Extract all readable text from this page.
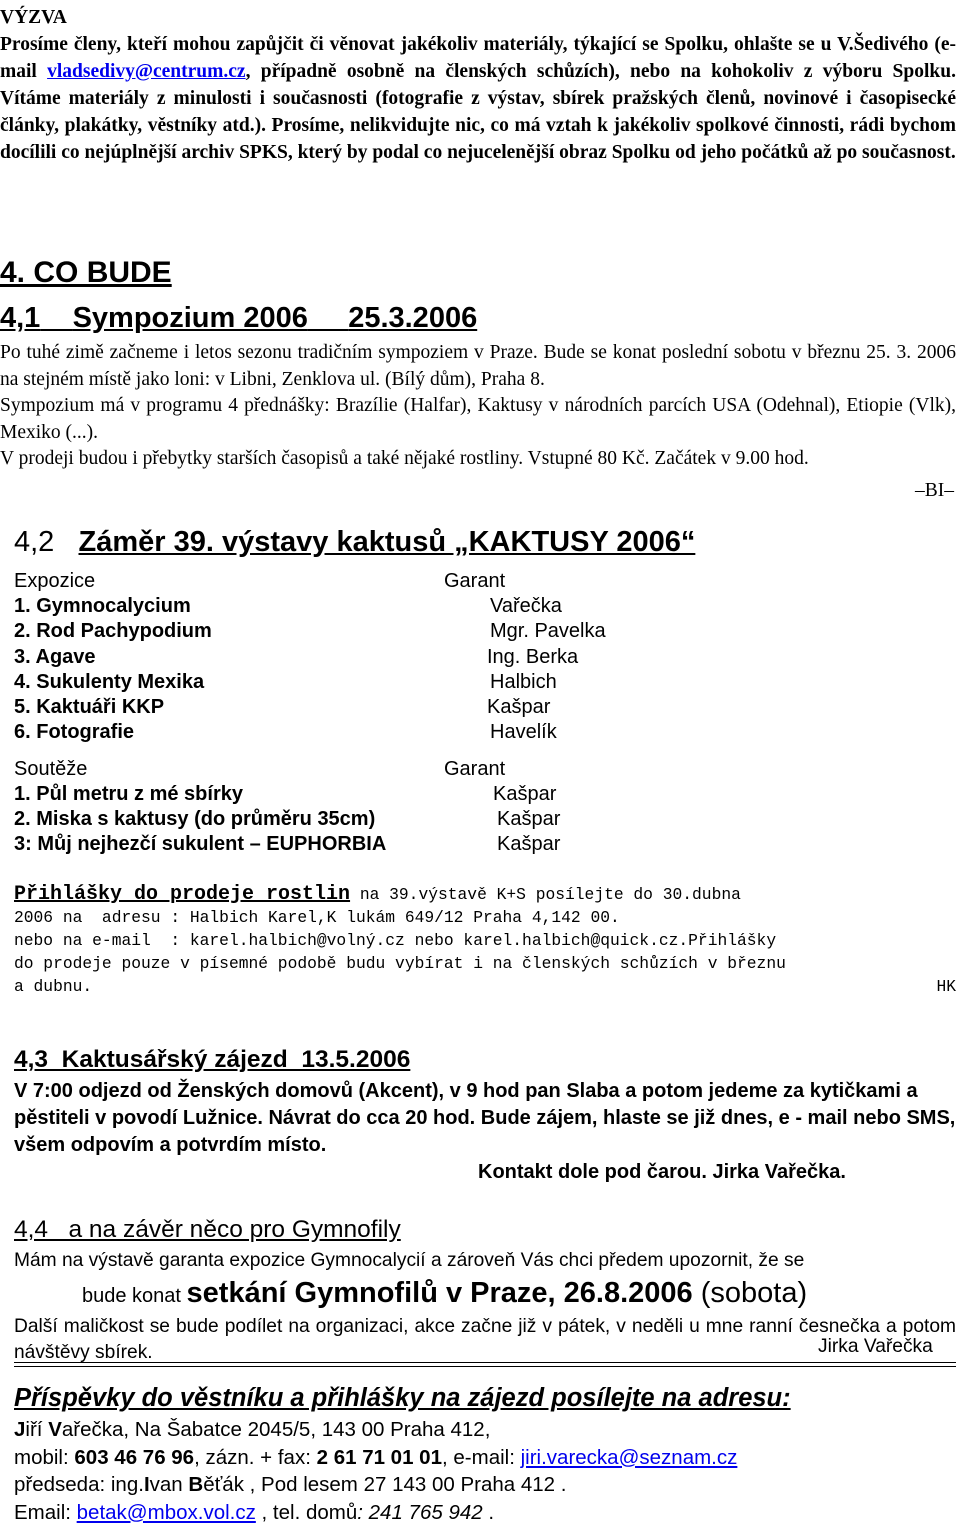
VÝZVA

Prosíme členy, kteří mohou zapůjčit či věnovat jakékoliv materiály, týkající se Spolku, ohlašte se u V.Šedivého (e-mail vladsedivy@centrum.cz, případně osobně na členských schůzích), nebo na kohokoliv z výboru Spolku. Vítáme materiály z minulosti i současnosti (fotografie z výstav, sbírek pražských členů, novinové i časopisecké články, plakátky, věstníky atd.). Prosíme, nelikvidujte nic, co má vztah k jakékoliv spolkové činnosti, rádi bychom docílili co nejúplnější archiv SPKS, který by podal co nejucelenější obraz Spolku od jeho počátků až po současnost.

4. CO BUDE
4,1 Sympozium 2006 25.3.2006

Po tuhé zimě začneme i letos sezonu tradičním sympoziem v Praze. Bude se konat poslední sobotu v březnu 25. 3. 2006 na stejném místě jako loni: v Libni, Zenklova ul. (Bílý dům), Praha 8.

Sympozium má v programu 4 přednášky: Brazílie (Halfar), Kaktusy v národních parcích USA (Odehnal), Etiopie (Vlk), Mexiko (...).

V prodeji budou i přebytky starších časopisů a také nějaké rostliny. Vstupné 80 Kč. Začátek v 9.00 hod.

–BI–
4,2 Záměr 39. výstavy kaktusů „KAKTUSY 2006“
Expozice	Garant
1. Gymnocalycium	Vařečka
2. Rod Pachypodium	Mgr. Pavelka
3. Agave	Ing. Berka
4. Sukulenty Mexika	Halbich
5. Kaktuáři KKP	Kašpar
6. Fotografie	Havelík
Soutěže	Garant
1. Půl metru z mé sbírky	Kašpar
2. Miska s kaktusy (do průměru 35cm)	Kašpar
3: Můj nejhezčí sukulent – EUPHORBIA	Kašpar
Přihlášky do prodeje rostlin na 39.výstavě K+S posílejte do 30.dubna
2006 na  adresu : Halbich Karel,K lukám 649/12 Praha 4,142 00.
nebo na e-mail  : karel.halbich@volný.cz nebo karel.halbich@quick.cz.Přihlášky
do prodeje pouze v písemné podobě budu vybírat i na členských schůzích v březnu
a dubnu.	HK
4,3  Kaktusářský zájezd  13.5.2006

V 7:00 odjezd od Ženských domovů (Akcent), v 9 hod pan Slaba a potom jedeme za kytičkami a pěstiteli v povodí Lužnice. Návrat do cca 20 hod. Bude zájem, hlaste se již dnes, e - mail nebo SMS, všem odpovím a potvrdím místo.

Kontakt dole pod čarou. Jirka Vařečka.

4,4   a na závěr něco pro Gymnofily

Mám na výstavě garanta expozice Gymnocalycií a zároveň Vás chci předem upozornit, že se

bude konat setkání Gymnofilů v Praze, 26.8.2006 (sobota)

Další maličkost se bude podílet na organizaci, akce začne již v pátek, v neděli u mne ranní česnečka a potom návštěvy sbírek.	Jirka Vařečka
Příspěvky do věstníku a přihlášky na zájezd posílejte na adresu:
Jiří Vařečka, Na Šabatce 2045/5, 143 00 Praha 412,
mobil: 603 46 76 96, zázn. + fax: 2 61 71 01 01, e-mail: jiri.varecka@seznam.cz
předseda: ing.Ivan Běťák , Pod lesem 27 143 00 Praha 412 .
Email: betak@mbox.vol.cz , tel. domů: 241 765 942 .
